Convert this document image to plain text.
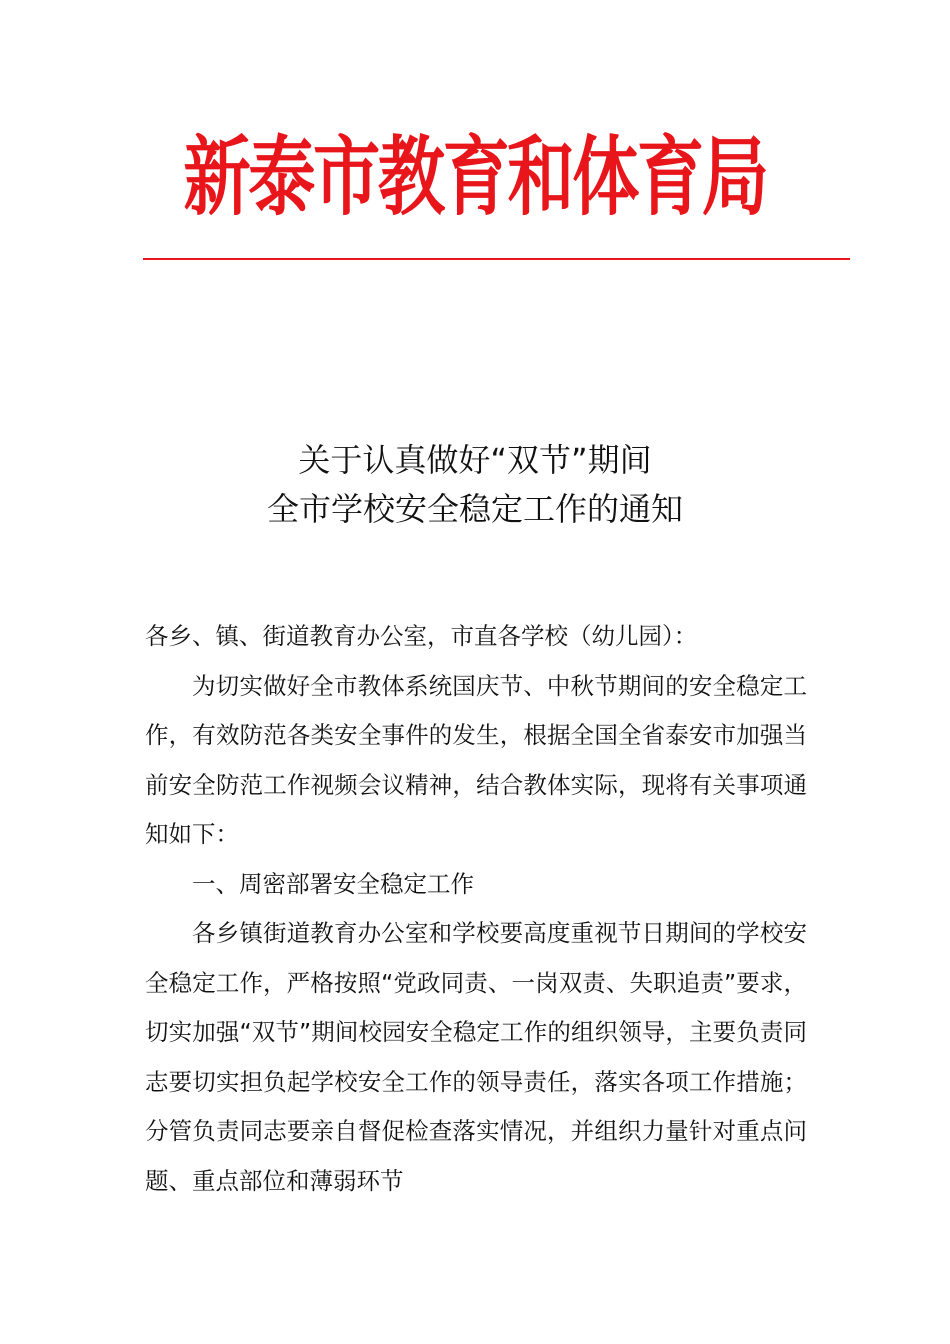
新泰市教育和体育局
关于认真做好“双节”期间
全市学校安全稳定工作的通知

各乡、镇、街道教育办公室，市直各学校（幼儿园）：

为切实做好全市教体系统国庆节、中秋节期间的安全稳定工作，有效防范各类安全事件的发生，根据全国全省泰安市加强当前安全防范工作视频会议精神，结合教体实际，现将有关事项通知如下：

一、周密部署安全稳定工作

各乡镇街道教育办公室和学校要高度重视节日期间的学校安全稳定工作，严格按照“党政同责、一岗双责、失职追责”要求，切实加强“双节”期间校园安全稳定工作的组织领导，主要负责同志要切实担负起学校安全工作的领导责任，落实各项工作措施；分管负责同志要亲自督促检查落实情况，并组织力量针对重点问题、重点部位和薄弱环节
